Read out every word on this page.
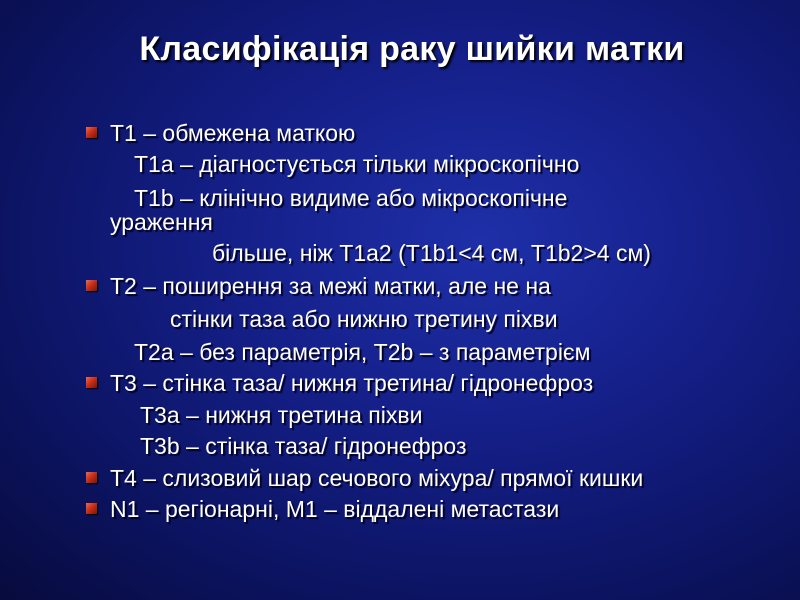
Класифікація раку шийки матки
Т1 – обмежена маткою
Т1а – діагностується тільки мікроскопічно
Т1b – клінічно видиме або мікроскопічне
ураження
більше, ніж Т1а2 (Т1b1<4 см, Т1b2>4 см)
Т2 – поширення за межі матки, але не на
стінки таза або нижню третину піхви
Т2а – без параметрія, Т2b – з параметрієм
Т3 – стінка таза/ нижня третина/ гідронефроз
Т3а – нижня третина піхви
Т3b – стінка таза/ гідронефроз
Т4 – слизовий шар сечового міхура/ прямої кишки
N1 – регіонарні, М1 – віддалені метастази
